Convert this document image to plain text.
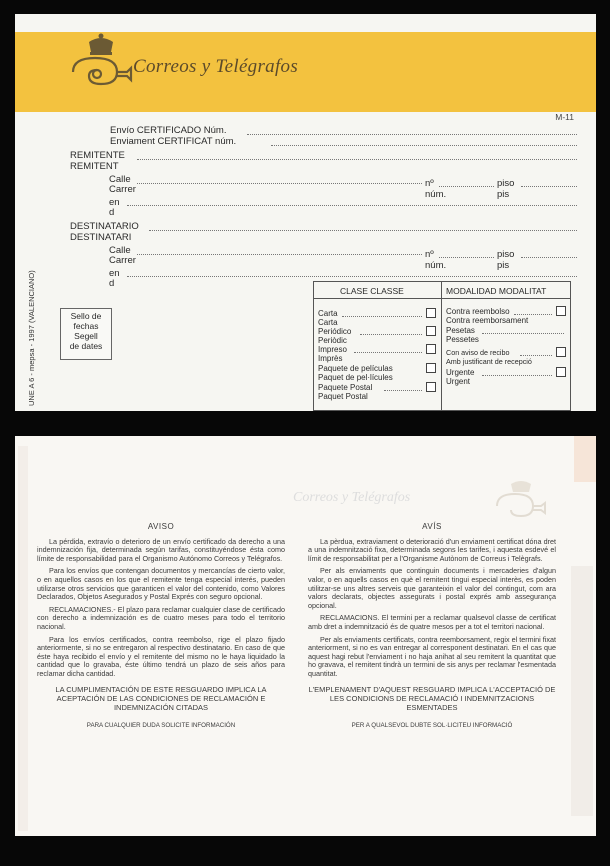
Correos y Telégrafos
M-11
Envío CERTIFICADO Núm.
Enviament CERTIFICAT núm.
REMITENTE
REMITENT
Calle	nº	piso
Carrer	núm.	pis
en
d
DESTINATARIO
DESTINATARI
Calle	nº	piso
Carrer	núm.	pis
en
d
UNE A 6 - mepsa - 1997 (VALENCIANO)	Sello de
fechas
Segell
de dates
CLASE CLASSE	MODALIDAD MODALITAT
Carta
Carta
Periódico
Periòdic
Impreso
Imprès
Paquete de películas
Paquet de pel·lícules
Paquete Postal
Paquet Postal
Contra reembolso
Contra reemborsament
Pesetas
Pessetes
Con aviso de recibo
Amb justificant de recepció
Urgente
Urgent
Correos y Telégrafos
AVISO

La pérdida, extravío o deterioro de un envío certificado da derecho a una indemnización fija, determinada según tarifas, constituyéndose ésta como límite de responsabilidad para el Organismo Autónomo Correos y Telégrafos.

Para los envíos que contengan documentos y mercancías de cierto valor, o en aquellos casos en los que el remitente tenga especial interés, pueden utilizarse otros servicios que garanticen el valor del contenido, como Valores Declarados, Objetos Asegurados y Postal Exprés con seguro opcional.

RECLAMACIONES.- El plazo para reclamar cualquier clase de certificado con derecho a indemnización es de cuatro meses para todo el territorio nacional.

Para los envíos certificados, contra reembolso, rige el plazo fijado anteriormente, si no se entregaron al respectivo destinatario. En caso de que éste haya recibido el envío y el remitente del mismo no le haya liquidado la cantidad que lo gravaba, éste último tendrá un plazo de seis años para reclamar dicha cantidad.

LA CUMPLIMENTACIÓN DE ESTE RESGUARDO IMPLICA LA ACEPTACIÓN DE LAS CONDICIONES DE RECLAMACIÓN E INDEMNIZACIÓN CITADAS

PARA CUALQUIER DUDA SOLICITE INFORMACIÓN

AVÍS

La pèrdua, extraviament o deterioració d'un enviament certificat dóna dret a una indemnització fixa, determinada segons les tarifes, i aquesta esdevé el límit de responsabilitat per a l'Organisme Autònom de Correus i Telègrafs.

Per als enviaments que continguin documents i mercaderies d'algun valor, o en aquells casos en què el remitent tingui especial interès, es poden utilitzar-se uns altres serveis que garanteixin el valor del contingut, com ara valors declarats, objectes assegurats i postal exprés amb assegurança opcional.

RECLAMACIONS. El termini per a reclamar qualsevol classe de certificat amb dret a indemnització és de quatre mesos per a tot el territori nacional.

Per als enviaments certificats, contra reemborsament, regix el termini fixat anteriorment, si no es van entregar al corresponent destinatari. En el cas que aquest hagi rebut l'enviament i no haja anihat al seu remitent la quantitat que ho gravava, el remitent tindrà un termini de sis anys per reclamar l'esmentada quantitat.

L'EMPLENAMENT D'AQUEST RESGUARD IMPLICA L'ACCEPTACIÓ DE LES CONDICIONS DE RECLAMACIÓ I INDEMNITZACIONS ESMENTADES

PER A QUALSEVOL DUBTE SOL·LICITEU INFORMACIÓ
